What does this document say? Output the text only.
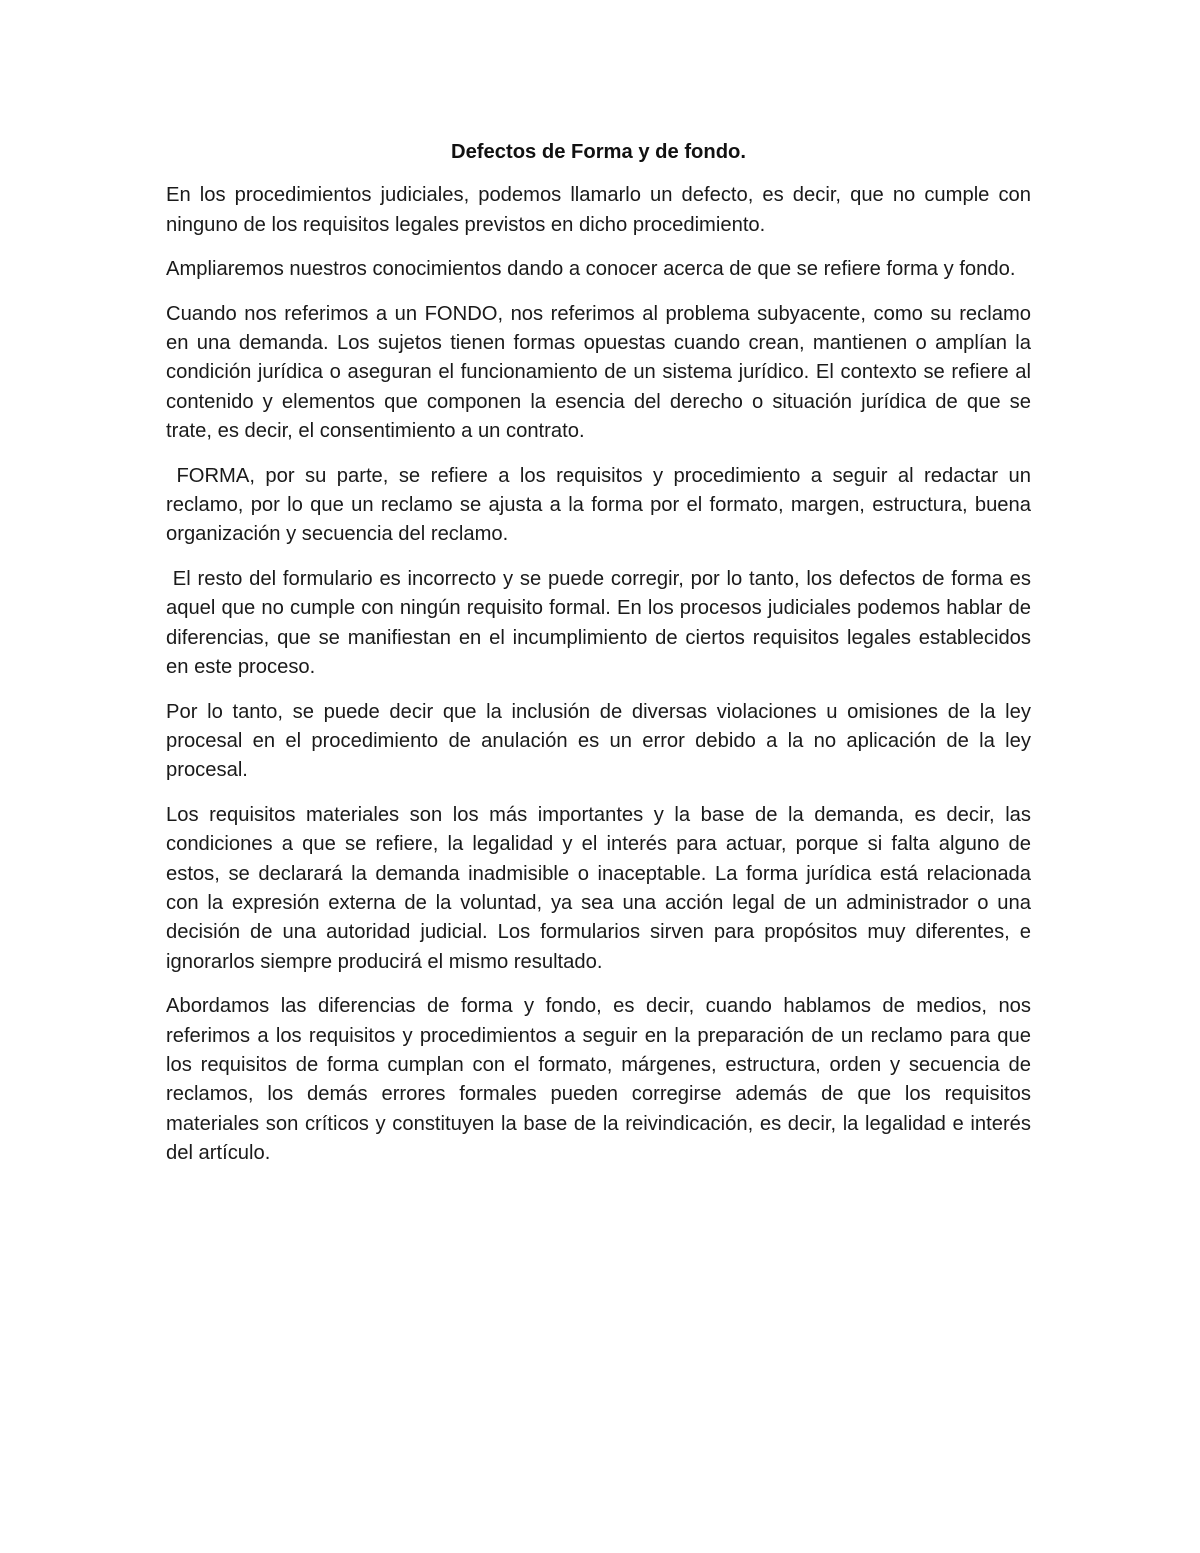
Defectos de Forma y de fondo.

En los procedimientos judiciales, podemos llamarlo un defecto, es decir, que no cumple con ninguno de los requisitos legales previstos en dicho procedimiento.

Ampliaremos nuestros conocimientos dando a conocer acerca de que se refiere forma y fondo.

Cuando nos referimos a un FONDO, nos referimos al problema subyacente, como su reclamo en una demanda. Los sujetos tienen formas opuestas cuando crean, mantienen o amplían la condición jurídica o aseguran el funcionamiento de un sistema jurídico. El contexto se refiere al contenido y elementos que componen la esencia del derecho o situación jurídica de que se trate, es decir, el consentimiento a un contrato.

FORMA, por su parte, se refiere a los requisitos y procedimiento a seguir al redactar un reclamo, por lo que un reclamo se ajusta a la forma por el formato, margen, estructura, buena organización y secuencia del reclamo.

El resto del formulario es incorrecto y se puede corregir, por lo tanto, los defectos de forma es aquel que no cumple con ningún requisito formal. En los procesos judiciales podemos hablar de diferencias, que se manifiestan en el incumplimiento de ciertos requisitos legales establecidos en este proceso.

Por lo tanto, se puede decir que la inclusión de diversas violaciones u omisiones de la ley procesal en el procedimiento de anulación es un error debido a la no aplicación de la ley procesal.

Los requisitos materiales son los más importantes y la base de la demanda, es decir, las condiciones a que se refiere, la legalidad y el interés para actuar, porque si falta alguno de estos, se declarará la demanda inadmisible o inaceptable. La forma jurídica está relacionada con la expresión externa de la voluntad, ya sea una acción legal de un administrador o una decisión de una autoridad judicial. Los formularios sirven para propósitos muy diferentes, e ignorarlos siempre producirá el mismo resultado.

Abordamos las diferencias de forma y fondo, es decir, cuando hablamos de medios, nos referimos a los requisitos y procedimientos a seguir en la preparación de un reclamo para que los requisitos de forma cumplan con el formato, márgenes, estructura, orden y secuencia de reclamos, los demás errores formales pueden corregirse además de que los requisitos materiales son críticos y constituyen la base de la reivindicación, es decir, la legalidad e interés del artículo.
